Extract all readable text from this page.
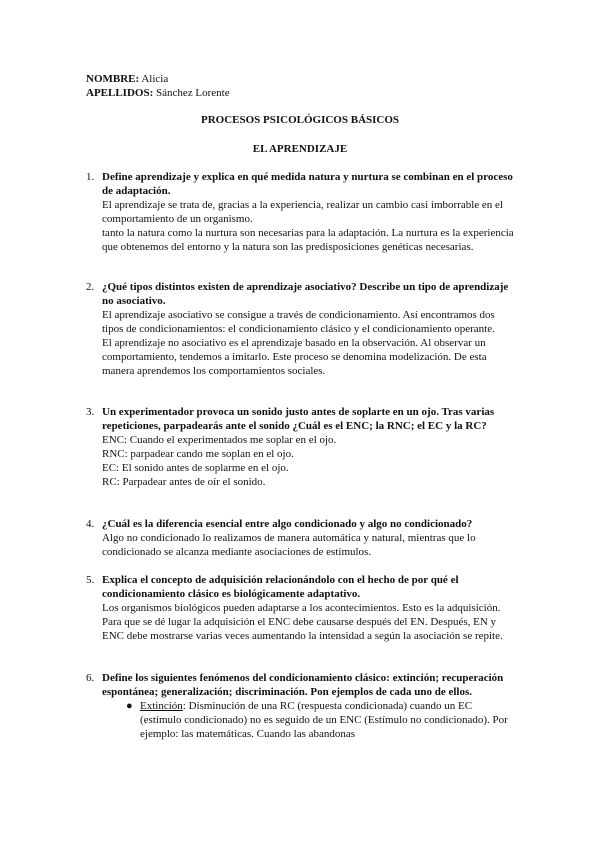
NOMBRE: Alicia
APELLIDOS: Sánchez Lorente
PROCESOS PSICOLÓGICOS BÁSICOS
EL APRENDIZAJE
1. Define aprendizaje y explica en qué medida natura y nurtura se combinan en el proceso de adaptación.

El aprendizaje se trata de, gracias a la experiencia, realizar un cambio casi imborrable en el comportamiento de un organismo.

tanto la natura como la nurtura son necesarias para la adaptación. La nurtura es la experiencia que obtenemos del entorno y la natura son las predisposiciones genéticas necesarias.

2. ¿Qué tipos distintos existen de aprendizaje asociativo? Describe un tipo de aprendizaje no asociativo.

El aprendizaje asociativo se consigue a través de condicionamiento. Así encontramos dos tipos de condicionamientos: el condicionamiento clásico y el condicionamiento operante.

El aprendizaje no asociativo es el aprendizaje basado en la observación. Al observar un comportamiento, tendemos a imitarlo. Este proceso se denomina modelización. De esta manera aprendemos los comportamientos sociales.

3. Un experimentador provoca un sonido justo antes de soplarte en un ojo. Tras varias repeticiones, parpadearás ante el sonido ¿Cuál es el ENC; la RNC; el EC y la RC?

ENC: Cuando el experimentados me soplar en el ojo.

RNC: parpadear cando me soplan en el ojo.

EC: El sonido antes de soplarme en el ojo.

RC: Parpadear antes de oír el sonido.

4. ¿Cuál es la diferencia esencial entre algo condicionado y algo no condicionado?

Algo no condicionado lo realizamos de manera automática y natural, mientras que lo condicionado se alcanza mediante asociaciones de estímulos.

5. Explica el concepto de adquisición relacionándolo con el hecho de por qué el condicionamiento clásico es biológicamente adaptativo.

Los organismos biológicos pueden adaptarse a los acontecimientos. Esto es la adquisición. Para que se dé lugar la adquisición el ENC debe causarse después del EN. Después, EN y ENC debe mostrarse varias veces aumentando la intensidad a según la asociación se repite.

6. Define los siguientes fenómenos del condicionamiento clásico: extinción; recuperación espontánea; generalización; discriminación. Pon ejemplos de cada uno de ellos.

● Extinción: Disminución de una RC (respuesta condicionada) cuando un EC (estímulo condicionado) no es seguido de un ENC (Estímulo no condicionado). Por ejemplo: las matemáticas. Cuando las abandonas
